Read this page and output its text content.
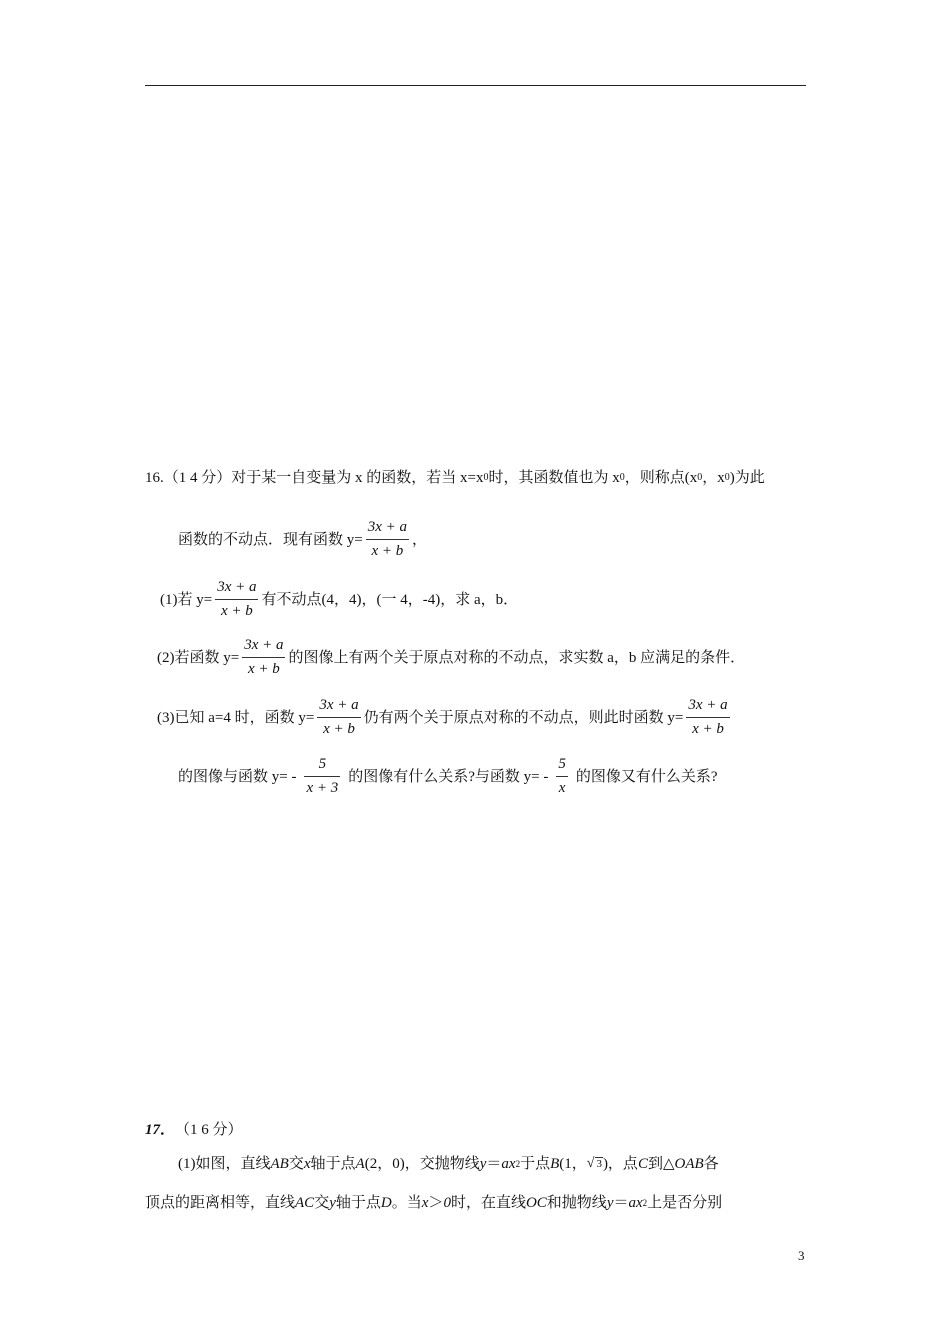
16. （1 4 分） 对于某一自变量为 x 的函数，若当 x=x 0 时，其函数值也为 x 0 ，则称点(x 0 ，x 0 )为此
函数的不动点．现有函数 $y= \frac{3x + a}{x + b}$ ，
(1)若 $y= \frac{3x + a}{x + b}$ 有不动点(4，4)，(一 4，-4)，求 a，b．
(2)若函数 $y= \frac{3x + a}{x + b}$ 的图像上有两个关于原点对称的不动点，求实数 a，b 应满足的条件．
(3)已知 a=4 时，函数 $y= \frac{3x + a}{x + b}$ 仍有两个关于原点对称的不动点，则此时函数 $y= \frac{3x + a}{x + b}$
的图像与函数 $y= - \frac{5}{x + 3}$ 的图像有什么关系?与函数 $y= - \frac{5}{x}$ 的图像又有什么关系?
17 ． （1 6 分）
(1)如图，直线 AB 交 x 轴于点 A (2，0)，交抛物线 y ＝ ax 2 于点 B (1， √ 3 )，点 C 到 △OAB 各
顶点的距离相等，直线 AC 交 y 轴于点 D 。当 x ＞ 0 时，在直线 OC 和抛物线 y ＝ ax 2 上是否分别
3
